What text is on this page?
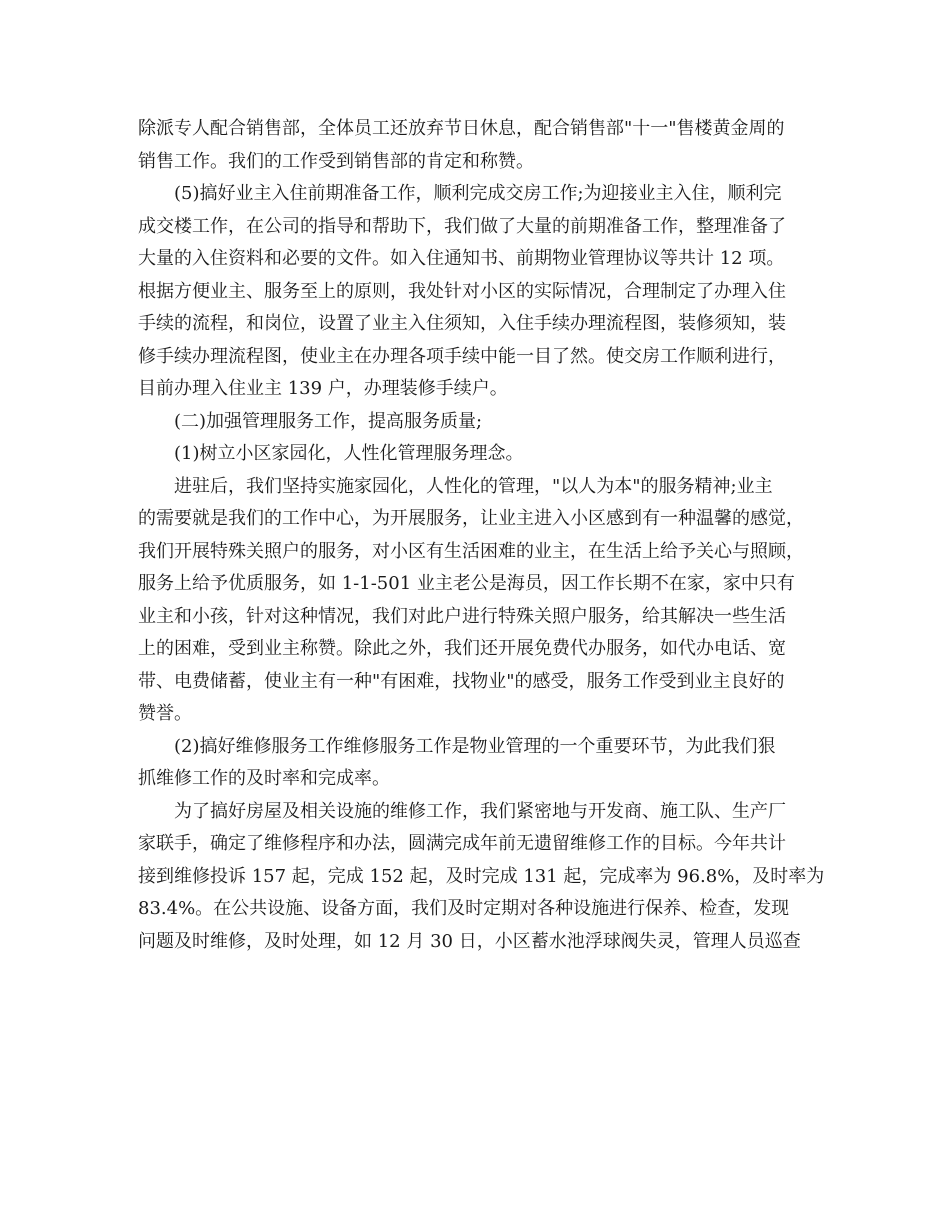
除派专人配合销售部，全体员工还放弃节日休息，配合销售部"十一"售楼黄金周的
销售工作。我们的工作受到销售部的肯定和称赞。
(5)搞好业主入住前期准备工作，顺利完成交房工作;为迎接业主入住，顺利完
成交楼工作，在公司的指导和帮助下，我们做了大量的前期准备工作，整理准备了
大量的入住资料和必要的文件。如入住通知书、前期物业管理协议等共计 12 项。
根据方便业主、服务至上的原则，我处针对小区的实际情况，合理制定了办理入住
手续的流程，和岗位，设置了业主入住须知，入住手续办理流程图，装修须知，装
修手续办理流程图，使业主在办理各项手续中能一目了然。使交房工作顺利进行，
目前办理入住业主 139 户，办理装修手续户。
(二)加强管理服务工作，提高服务质量;
(1)树立小区家园化，人性化管理服务理念。
进驻后，我们坚持实施家园化，人性化的管理，"以人为本"的服务精神;业主
的需要就是我们的工作中心，为开展服务，让业主进入小区感到有一种温馨的感觉，
我们开展特殊关照户的服务，对小区有生活困难的业主，在生活上给予关心与照顾，
服务上给予优质服务，如 1-1-501 业主老公是海员，因工作长期不在家，家中只有
业主和小孩，针对这种情况，我们对此户进行特殊关照户服务，给其解决一些生活
上的困难，受到业主称赞。除此之外，我们还开展免费代办服务，如代办电话、宽
带、电费储蓄，使业主有一种"有困难，找物业"的感受，服务工作受到业主良好的
赞誉。
(2)搞好维修服务工作维修服务工作是物业管理的一个重要环节，为此我们狠
抓维修工作的及时率和完成率。
为了搞好房屋及相关设施的维修工作，我们紧密地与开发商、施工队、生产厂
家联手，确定了维修程序和办法，圆满完成年前无遗留维修工作的目标。今年共计
接到维修投诉 157 起，完成 152 起，及时完成 131 起，完成率为 96.8%，及时率为
83.4%。在公共设施、设备方面，我们及时定期对各种设施进行保养、检查，发现
问题及时维修，及时处理，如 12 月 30 日，小区蓄水池浮球阀失灵，管理人员巡查
